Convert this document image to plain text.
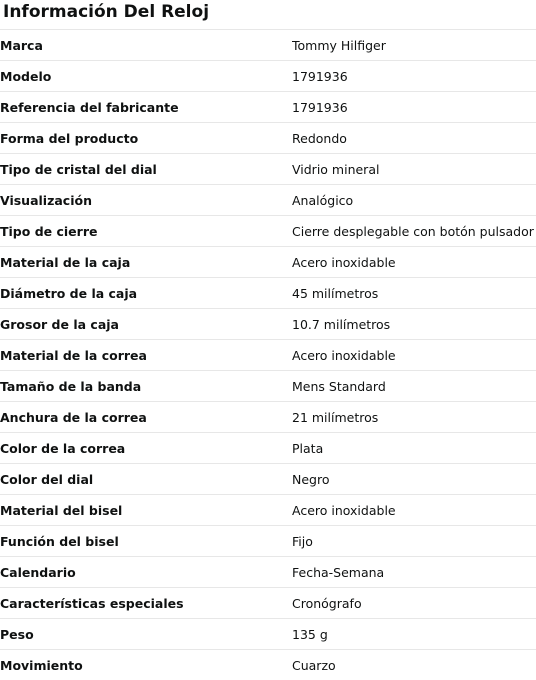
Información Del Reloj
Marca	Tommy Hilfiger
Modelo	1791936
Referencia del fabricante	1791936
Forma del producto	Redondo
Tipo de cristal del dial	Vidrio mineral
Visualización	Analógico
Tipo de cierre	Cierre desplegable con botón pulsador
Material de la caja	Acero inoxidable
Diámetro de la caja	45 milímetros
Grosor de la caja	10.7 milímetros
Material de la correa	Acero inoxidable
Tamaño de la banda	Mens Standard
Anchura de la correa	21 milímetros
Color de la correa	Plata
Color del dial	Negro
Material del bisel	Acero inoxidable
Función del bisel	Fijo
Calendario	Fecha-Semana
Características especiales	Cronógrafo
Peso	135 g
Movimiento	Cuarzo
